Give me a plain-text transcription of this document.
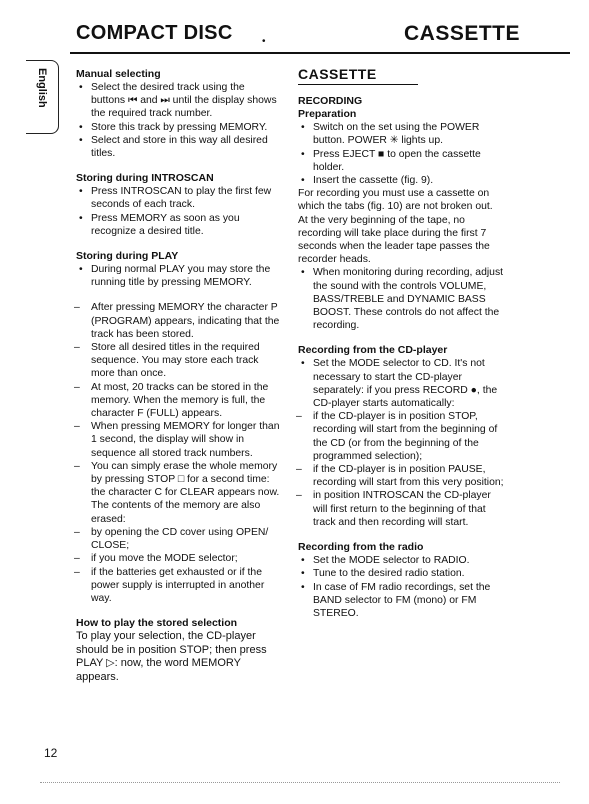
COMPACT DISC	•	CASSETTE
English	Manual selecting
• Select the desired track using the buttons ⏮ and ⏭ until the display shows the required track number.
• Store this track by pressing MEMORY.
• Select and store in this way all desired titles.
Storing during INTROSCAN
• Press INTROSCAN to play the first few seconds of each track.
• Press MEMORY as soon as you recognize a desired title.
Storing during PLAY
• During normal PLAY you may store the running title by pressing MEMORY.
– After pressing MEMORY the character P (PROGRAM) appears, indicating that the track has been stored.
– Store all desired titles in the required sequence. You may store each track more than once.
– At most, 20 tracks can be stored in the memory. When the memory is full, the character F (FULL) appears.
– When pressing MEMORY for longer than 1 second, the display will show in sequence all stored track numbers.
– You can simply erase the whole memory by pressing STOP □ for a second time: the character C for CLEAR appears now. The contents of the memory are also erased:
– by opening the CD cover using OPEN/ CLOSE;
– if you move the MODE selector;
– if the batteries get exhausted or if the power supply is interrupted in another way.
How to play the stored selection

To play your selection, the CD-player should be in position STOP; then press PLAY ▷: now, the word MEMORY appears.

CASSETTE
RECORDING
Preparation
• Switch on the set using the POWER button. POWER ✳ lights up.
• Press EJECT ■ to open the cassette holder.
• Insert the cassette (fig. 9).

For recording you must use a cassette on which the tabs (fig. 10) are not broken out.

At the very beginning of the tape, no recording will take place during the first 7 seconds when the leader tape passes the recorder heads.

• When monitoring during recording, adjust the sound with the controls VOLUME, BASS/TREBLE and DYNAMIC BASS BOOST. These controls do not affect the recording.
Recording from the CD-player
• Set the MODE selector to CD. It's not necessary to start the CD-player separately: if you press RECORD ●, the CD-player starts automatically:
– if the CD-player is in position STOP, recording will start from the beginning of the CD (or from the beginning of the programmed selection);
– if the CD-player is in position PAUSE, recording will start from this very position;
– in position INTROSCAN the CD-player will first return to the beginning of that track and then recording will start.
Recording from the radio
• Set the MODE selector to RADIO.
• Tune to the desired radio station.
• In case of FM radio recordings, set the BAND selector to FM (mono) or FM STEREO.
12
